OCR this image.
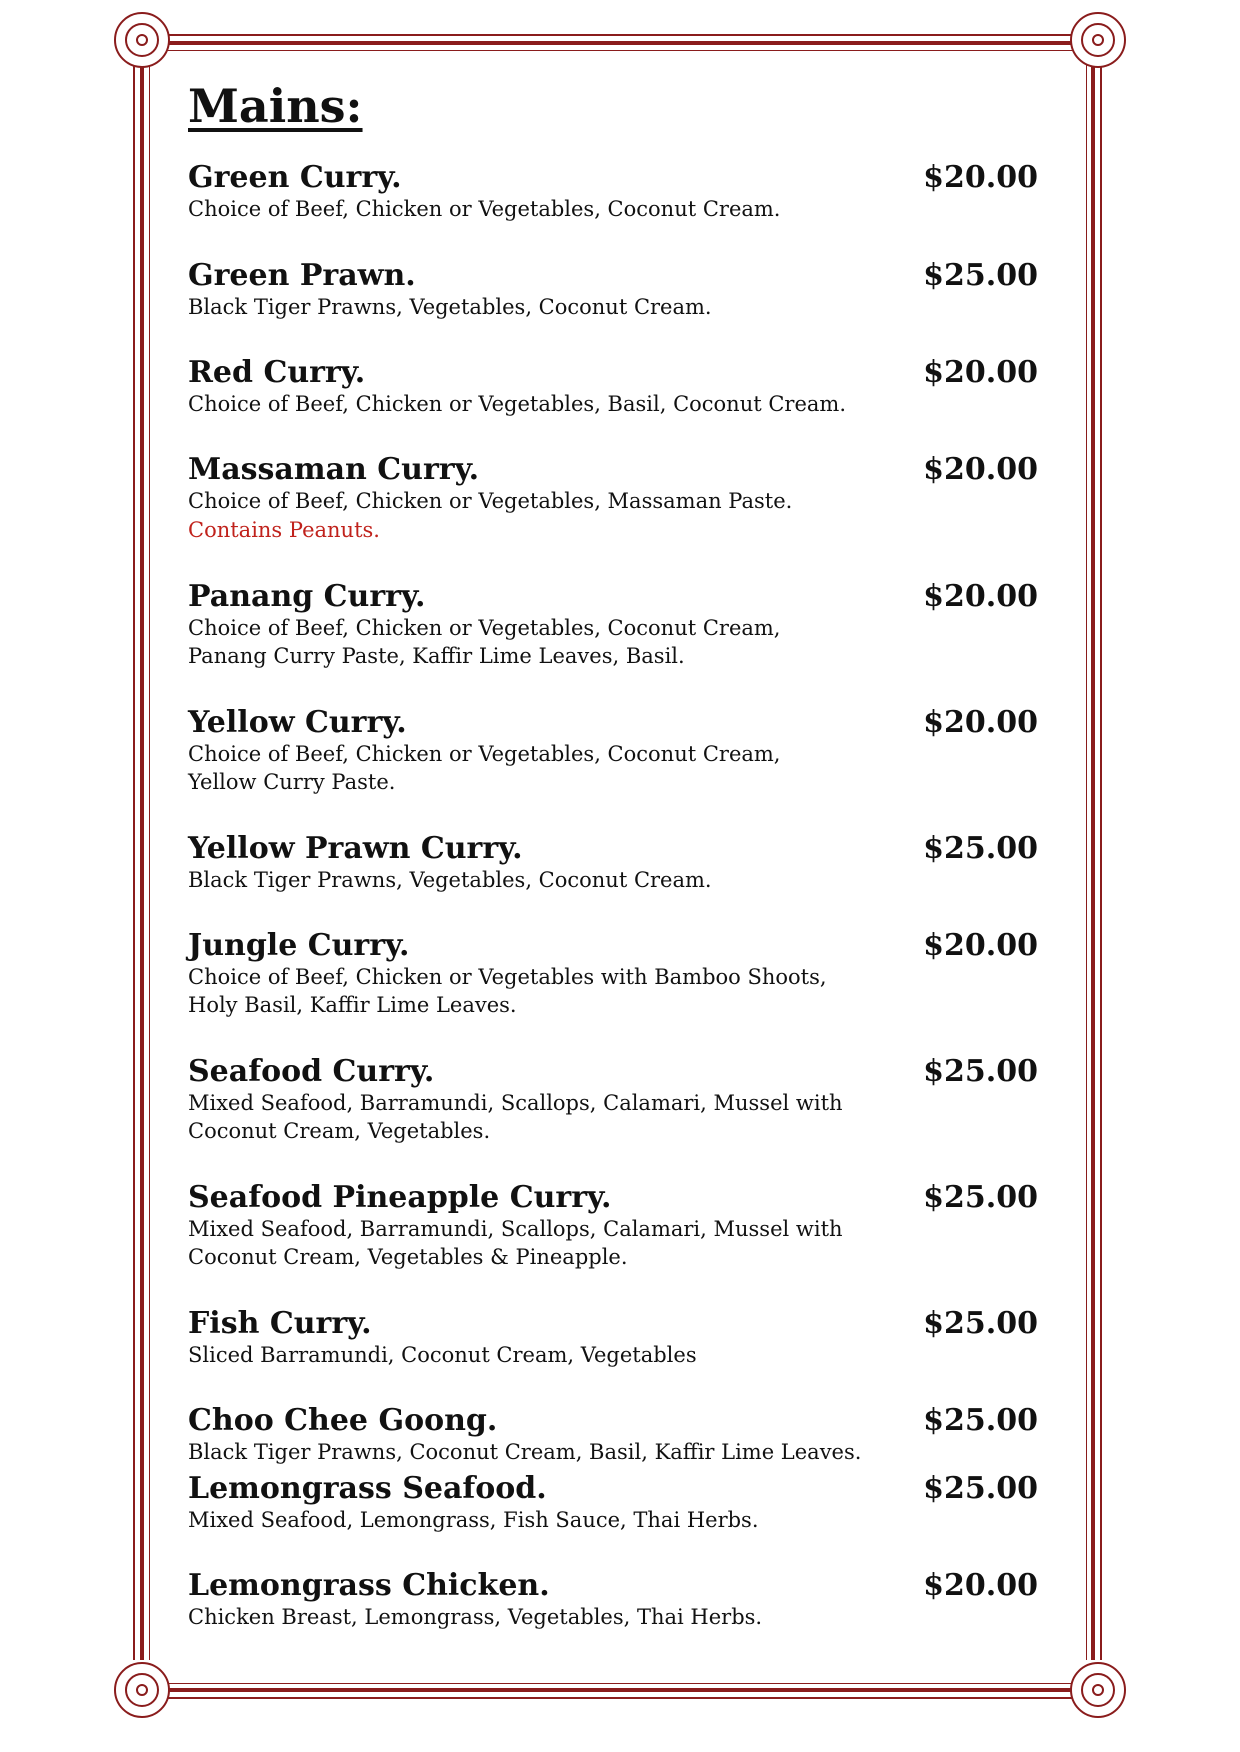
Mains:
Green Curry.	$20.00
Choice of Beef, Chicken or Vegetables, Coconut Cream.
Green Prawn.	$25.00
Black Tiger Prawns, Vegetables, Coconut Cream.
Red Curry.	$20.00
Choice of Beef, Chicken or Vegetables, Basil, Coconut Cream.
Massaman Curry.	$20.00
Choice of Beef, Chicken or Vegetables, Massaman Paste.
Contains Peanuts.
Panang Curry.	$20.00
Choice of Beef, Chicken or Vegetables, Coconut Cream,
Panang Curry Paste, Kaffir Lime Leaves, Basil.
Yellow Curry.	$20.00
Choice of Beef, Chicken or Vegetables, Coconut Cream,
Yellow Curry Paste.
Yellow Prawn Curry.	$25.00
Black Tiger Prawns, Vegetables, Coconut Cream.
Jungle Curry.	$20.00
Choice of Beef, Chicken or Vegetables with Bamboo Shoots,
Holy Basil, Kaffir Lime Leaves.
Seafood Curry.	$25.00
Mixed Seafood, Barramundi, Scallops, Calamari, Mussel with
Coconut Cream, Vegetables.
Seafood Pineapple Curry.	$25.00
Mixed Seafood, Barramundi, Scallops, Calamari, Mussel with
Coconut Cream, Vegetables & Pineapple.
Fish Curry.	$25.00
Sliced Barramundi, Coconut Cream, Vegetables
Choo Chee Goong.	$25.00
Black Tiger Prawns, Coconut Cream, Basil, Kaffir Lime Leaves.
Lemongrass Seafood.	$25.00
Mixed Seafood, Lemongrass, Fish Sauce, Thai Herbs.
Lemongrass Chicken.	$20.00
Chicken Breast, Lemongrass, Vegetables, Thai Herbs.
